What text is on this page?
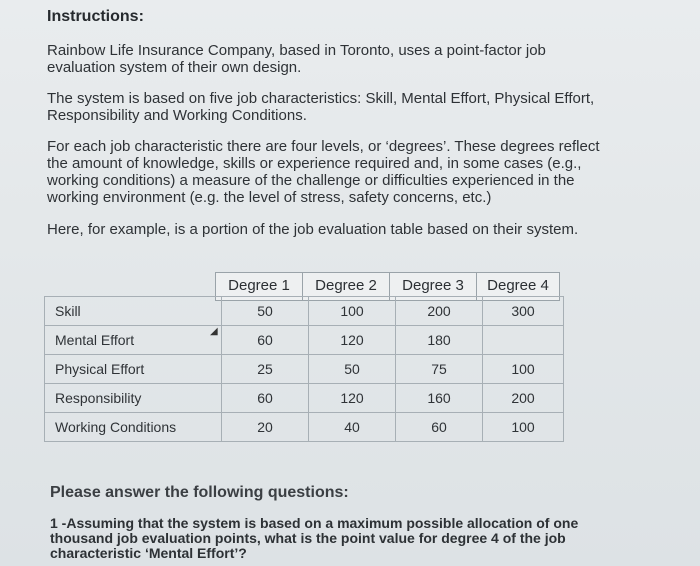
Instructions:
Rainbow Life Insurance Company, based in Toronto, uses a point-factor job evaluation system of their own design.
The system is based on five job characteristics: Skill, Mental Effort, Physical Effort, Responsibility and Working Conditions.
For each job characteristic there are four levels, or ‘degrees’. These degrees reflect the amount of knowledge, skills or experience required and, in some cases (e.g., working conditions) a measure of the challenge or difficulties experienced in the working environment (e.g. the level of stress, safety concerns, etc.)
Here, for example, is a portion of the job evaluation table based on their system.
Degree 1	Degree 2	Degree 3	Degree 4
Skill	50	100	200	300
Mental Effort	60	120	180	
Physical Effort	25	50	75	100
Responsibility	60	120	160	200
Working Conditions	20	40	60	100
◢
Please answer the following questions:
1 -Assuming that the system is based on a maximum possible allocation of one thousand job evaluation points, what is the point value for degree 4 of the job characteristic ‘Mental Effort’?
